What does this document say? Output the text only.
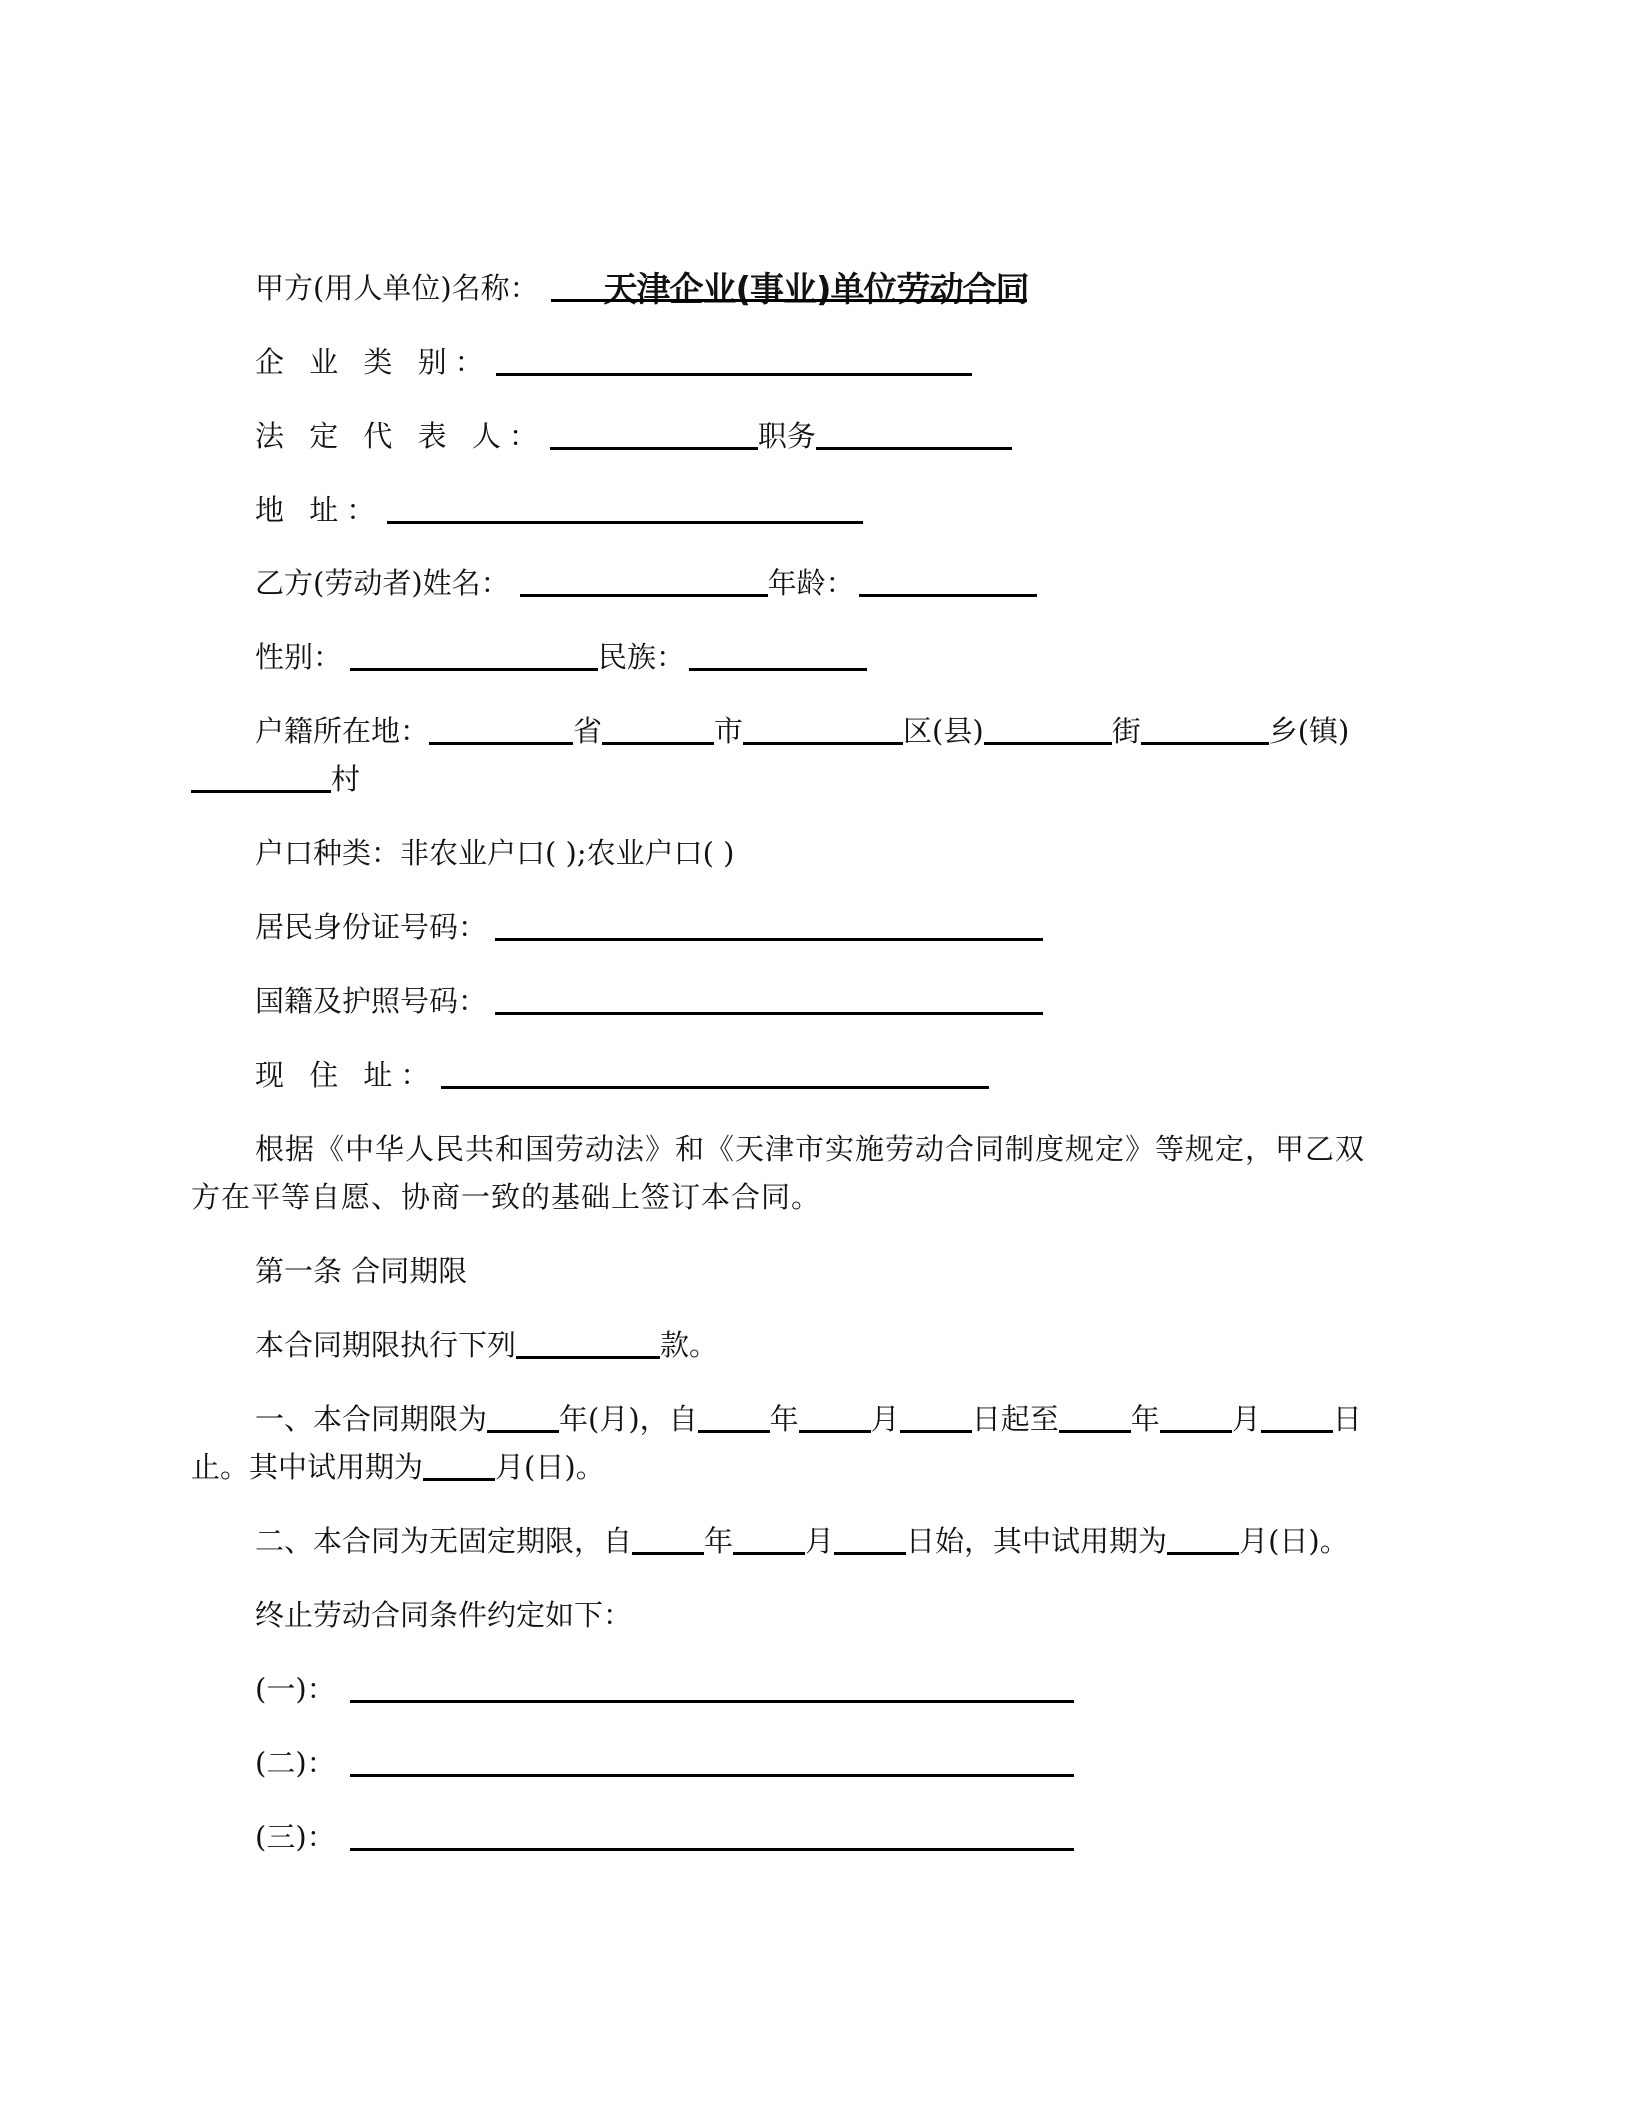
天津企业(事业)单位劳动合同
甲方(用人单位)名称：
企 业 类 别：
法 定 代 表 人：	职务
地 址：
乙方(劳动者)姓名：	年龄：
性别：	民族：
户籍所在地：	省	市	区(县)	街	乡(镇)
村
户口种类：非农业户口( );农业户口( )
居民身份证号码：
国籍及护照号码：
现 住 址：
根据《中华人民共和国劳动法》和《天津市实施劳动合同制度规定》等规定，甲乙双
方在平等自愿、协商一致的基础上签订本合同。
第一条 合同期限
本合同期限执行下列	款。
一、本合同期限为 年(月)，自 年 月 日起至 年 月 日
止。其中试用期为 月(日)。
二、本合同为无固定期限，自 年 月 日始，其中试用期为 月(日)。
终止劳动合同条件约定如下：
(一)：
(二)：
(三)：
